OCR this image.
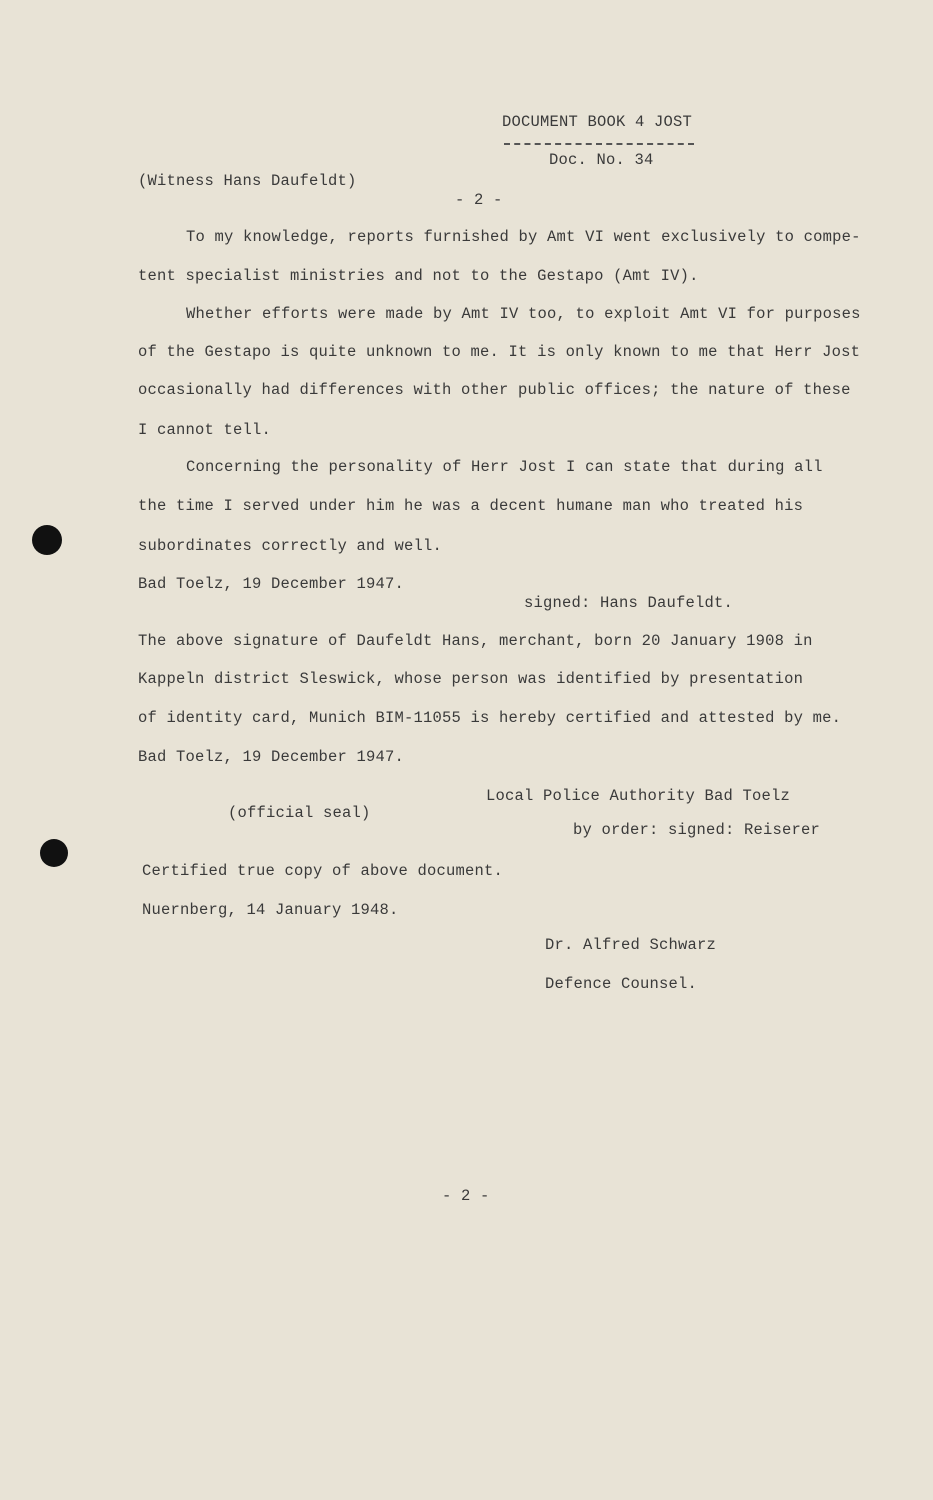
DOCUMENT BOOK 4 JOST
Doc. No. 34
(Witness Hans Daufeldt)
- 2 -
To my knowledge, reports furnished by Amt VI went exclusively to compe-
tent specialist ministries and not to the Gestapo (Amt IV).
Whether efforts were made by Amt IV too, to exploit Amt VI for purposes
of the Gestapo is quite unknown to me. It is only known to me that Herr Jost
occasionally had differences with other public offices; the nature of these
I cannot tell.
Concerning the personality of Herr Jost I can state that during all
the time I served under him he was a decent humane man who treated his
subordinates correctly and well.
Bad Toelz, 19 December 1947.
signed: Hans Daufeldt.
The above signature of Daufeldt Hans, merchant, born 20 January 1908 in
Kappeln district Sleswick, whose person was identified by presentation
of identity card, Munich BIM-11055 is hereby certified and attested by me.
Bad Toelz, 19 December 1947.
Local Police Authority Bad Toelz
(official seal)
by order: signed: Reiserer
Certified true copy of above document.
Nuernberg, 14 January 1948.
Dr. Alfred Schwarz
Defence Counsel.
- 2 -
